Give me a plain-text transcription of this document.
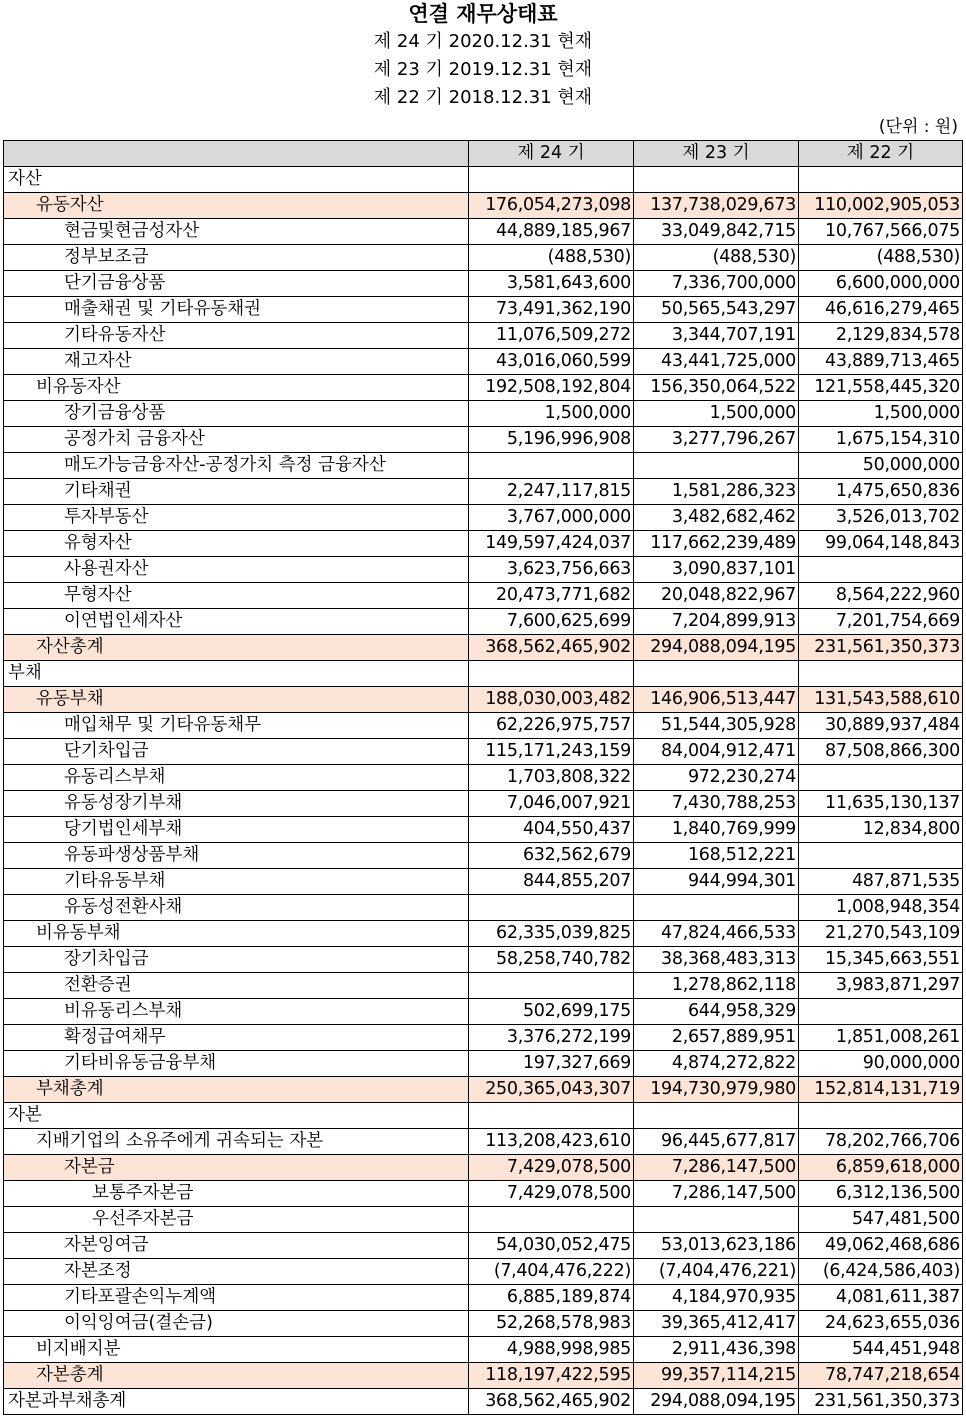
연결 재무상태표
제 24 기 2020.12.31 현재
제 23 기 2019.12.31 현재
제 22 기 2018.12.31 현재
(단위 : 원)
	제 24 기	제 23 기	제 22 기
자산			
유동자산	176,054,273,098	137,738,029,673	110,002,905,053
현금및현금성자산	44,889,185,967	33,049,842,715	10,767,566,075
정부보조금	(488,530)	(488,530)	(488,530)
단기금융상품	3,581,643,600	7,336,700,000	6,600,000,000
매출채권 및 기타유동채권	73,491,362,190	50,565,543,297	46,616,279,465
기타유동자산	11,076,509,272	3,344,707,191	2,129,834,578
재고자산	43,016,060,599	43,441,725,000	43,889,713,465
비유동자산	192,508,192,804	156,350,064,522	121,558,445,320
장기금융상품	1,500,000	1,500,000	1,500,000
공정가치 금융자산	5,196,996,908	3,277,796,267	1,675,154,310
매도가능금융자산-공정가치 측정 금융자산			50,000,000
기타채권	2,247,117,815	1,581,286,323	1,475,650,836
투자부동산	3,767,000,000	3,482,682,462	3,526,013,702
유형자산	149,597,424,037	117,662,239,489	99,064,148,843
사용권자산	3,623,756,663	3,090,837,101	
무형자산	20,473,771,682	20,048,822,967	8,564,222,960
이연법인세자산	7,600,625,699	7,204,899,913	7,201,754,669
자산총계	368,562,465,902	294,088,094,195	231,561,350,373
부채			
유동부채	188,030,003,482	146,906,513,447	131,543,588,610
매입채무 및 기타유동채무	62,226,975,757	51,544,305,928	30,889,937,484
단기차입금	115,171,243,159	84,004,912,471	87,508,866,300
유동리스부채	1,703,808,322	972,230,274	
유동성장기부채	7,046,007,921	7,430,788,253	11,635,130,137
당기법인세부채	404,550,437	1,840,769,999	12,834,800
유동파생상품부채	632,562,679	168,512,221	
기타유동부채	844,855,207	944,994,301	487,871,535
유동성전환사채			1,008,948,354
비유동부채	62,335,039,825	47,824,466,533	21,270,543,109
장기차입금	58,258,740,782	38,368,483,313	15,345,663,551
전환증권		1,278,862,118	3,983,871,297
비유동리스부채	502,699,175	644,958,329	
확정급여채무	3,376,272,199	2,657,889,951	1,851,008,261
기타비유동금융부채	197,327,669	4,874,272,822	90,000,000
부채총계	250,365,043,307	194,730,979,980	152,814,131,719
자본			
지배기업의 소유주에게 귀속되는 자본	113,208,423,610	96,445,677,817	78,202,766,706
자본금	7,429,078,500	7,286,147,500	6,859,618,000
보통주자본금	7,429,078,500	7,286,147,500	6,312,136,500
우선주자본금			547,481,500
자본잉여금	54,030,052,475	53,013,623,186	49,062,468,686
자본조정	(7,404,476,222)	(7,404,476,221)	(6,424,586,403)
기타포괄손익누계액	6,885,189,874	4,184,970,935	4,081,611,387
이익잉여금(결손금)	52,268,578,983	39,365,412,417	24,623,655,036
비지배지분	4,988,998,985	2,911,436,398	544,451,948
자본총계	118,197,422,595	99,357,114,215	78,747,218,654
자본과부채총계	368,562,465,902	294,088,094,195	231,561,350,373
